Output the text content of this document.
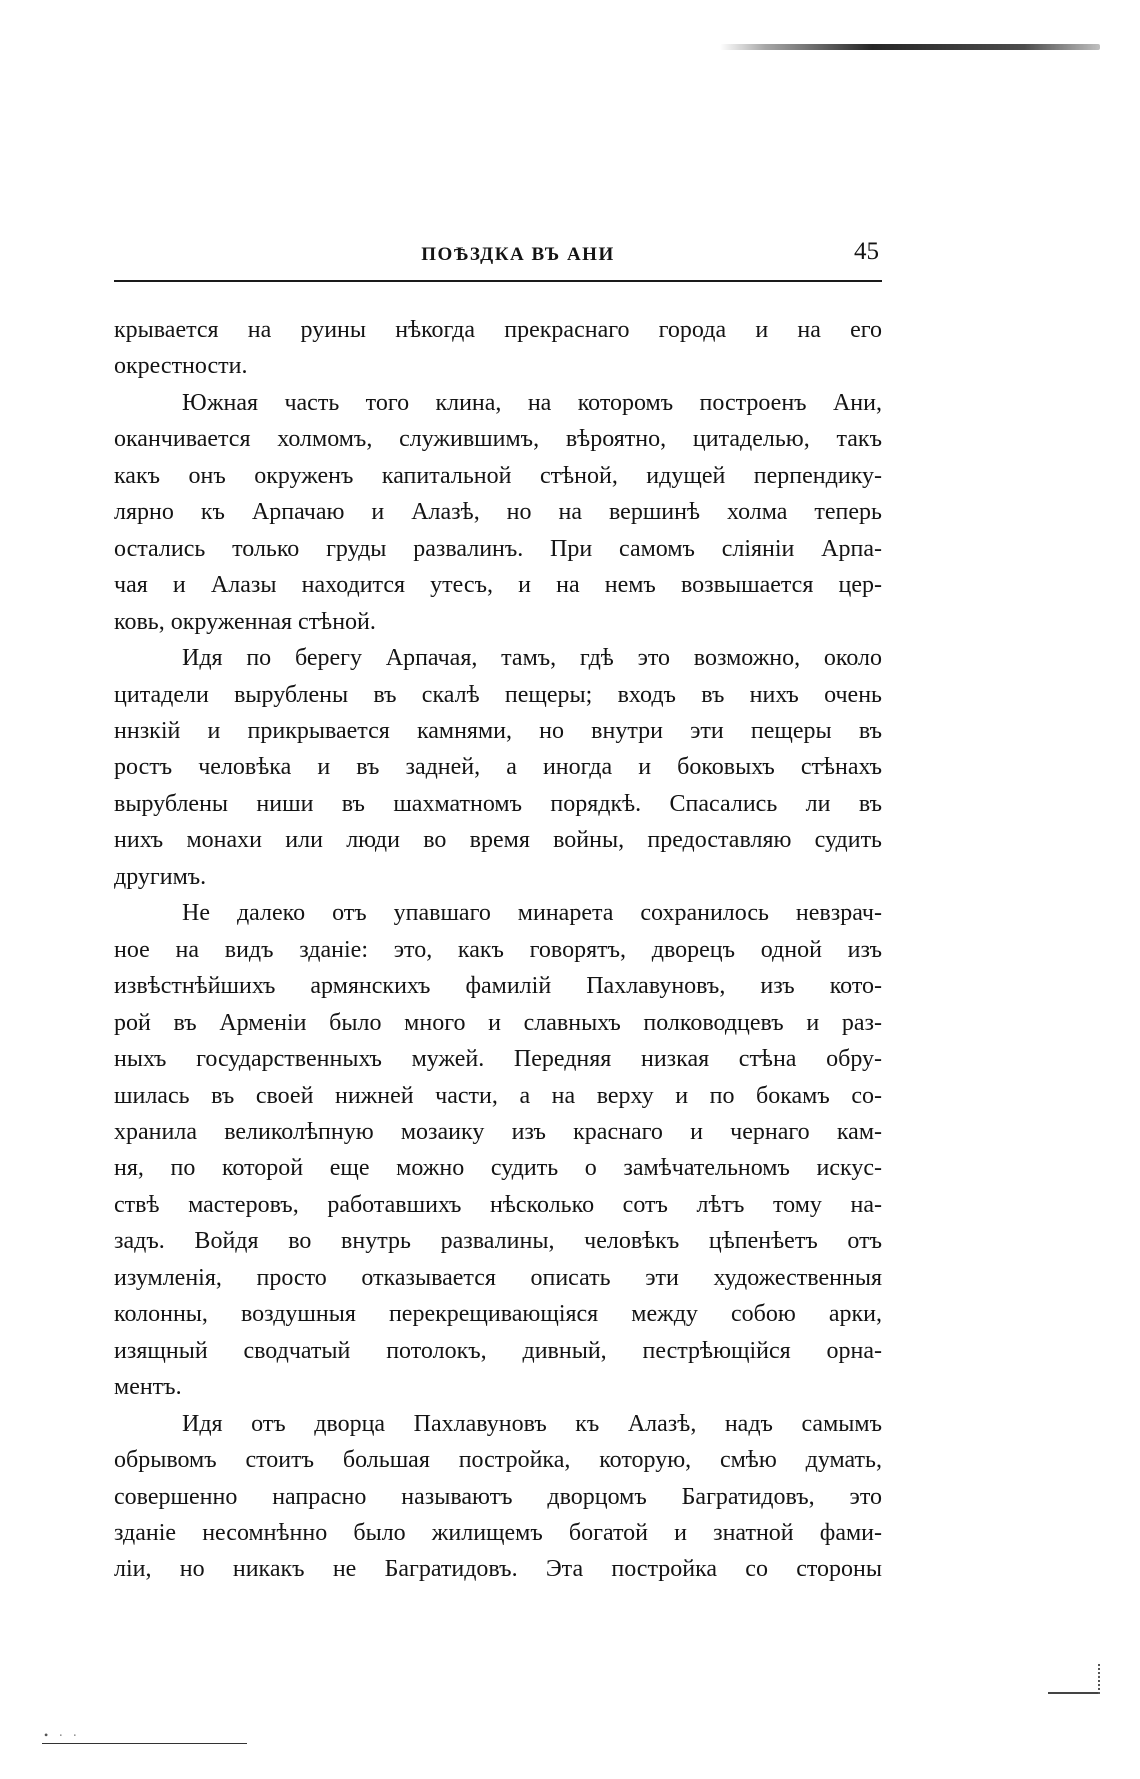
ПОѢЗДКА ВЪ АНИ	45
крывается на руины нѣкогда прекраснаго города и на его
окрестности.
Южная часть того клина, на которомъ построенъ Ани,
оканчивается холмомъ, служившимъ, вѣроятно, цитаделью, такъ
какъ онъ окруженъ капитальной стѣной, идущей перпендику-
лярно къ Арпачаю и Алазѣ, но на вершинѣ холма теперь
остались только груды развалинъ. При самомъ сліяніи Арпа-
чая и Алазы находится утесъ, и на немъ возвышается цер-
ковь, окруженная стѣной.
Идя по берегу Арпачая, тамъ, гдѣ это возможно, около
цитадели вырублены въ скалѣ пещеры; входъ въ нихъ очень
ннзкій и прикрывается камнями, но внутри эти пещеры въ
ростъ человѣка и въ задней, а иногда и боковыхъ стѣнахъ
вырублены ниши въ шахматномъ порядкѣ. Спасались ли въ
нихъ монахи или люди во время войны, предоставляю судить
другимъ.
Не далеко отъ упавшаго минарета сохранилось невзрач-
ное на видъ зданіе: это, какъ говорятъ, дворецъ одной изъ
извѣстнѣйшихъ армянскихъ фамилій Пахлавуновъ, изъ кото-
рой въ Арменіи было много и славныхъ полководцевъ и раз-
ныхъ государственныхъ мужей. Передняя низкая стѣна обру-
шилась въ своей нижней части, а на верху и по бокамъ со-
хранила великолѣпную мозаику изъ краснаго и чернаго кам-
ня, по которой еще можно судить о замѣчательномъ искус-
ствѣ мастеровъ, работавшихъ нѣсколько сотъ лѣтъ тому на-
задъ. Войдя во внутрь развалины, человѣкъ цѣпенѣетъ отъ
изумленія, просто отказывается описать эти художественныя
колонны, воздушныя перекрещивающіяся между собою арки,
изящный сводчатый потолокъ, дивный, пестрѣющійся орна-
ментъ.
Идя отъ дворца Пахлавуновъ къ Алазѣ, надъ самымъ
обрывомъ стоитъ большая постройка, которую, смѣю думать,
совершенно напрасно называютъ дворцомъ Багратидовъ, это
зданіе несомнѣнно было жилищемъ богатой и знатной фами-
ліи, но никакъ не Багратидовъ. Эта постройка со стороны
• ∙ ∙
